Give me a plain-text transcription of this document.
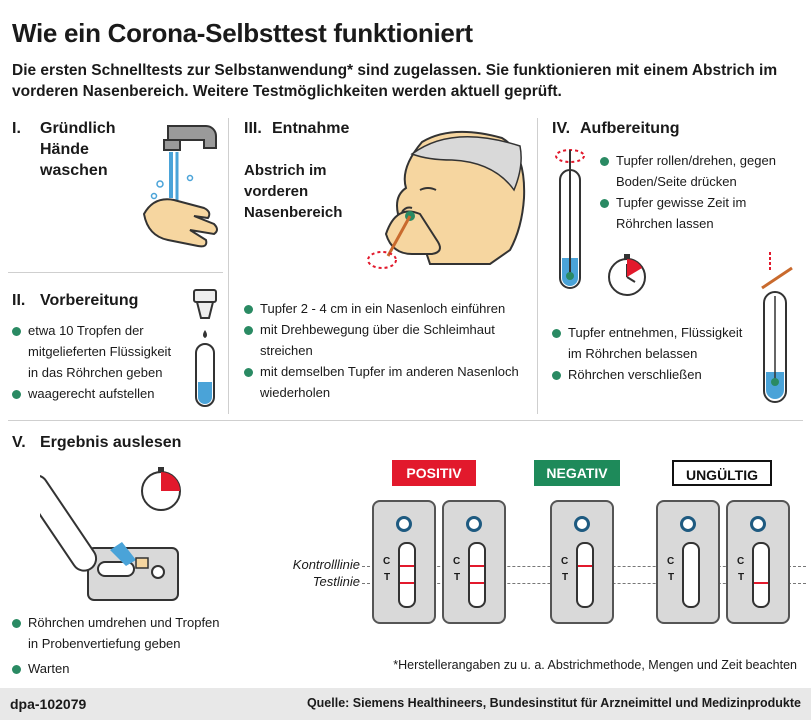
Wie ein Corona-Selbsttest funktioniert
Die ersten Schnelltests zur Selbstanwendung* sind zugelassen. Sie funktionieren mit einem Abstrich im vorderen Nasenbereich. Weitere Testmöglichkeiten werden aktuell geprüft.
I. Gründlich Hände waschen
II. Vorbereitung
etwa 10 Tropfen der mitgelieferten Flüssigkeit in das Röhrchen geben
waagerecht aufstellen
III. Entnahme
Abstrich im vorderen Nasenbereich
Tupfer 2 - 4 cm in ein Nasenloch einführen
mit Drehbewegung über die Schleimhaut streichen
mit demselben Tupfer im anderen Nasenloch wiederholen
IV. Aufbereitung
Tupfer rollen/drehen, gegen Boden/Seite drücken
Tupfer gewisse Zeit im Röhrchen lassen
Tupfer entnehmen, Flüssigkeit im Röhrchen belassen
Röhrchen verschließen
V. Ergebnis auslesen
Röhrchen umdrehen und Tropfen in Probenvertiefung geben
Warten
POSITIV	NEGATIV	UNGÜLTIG
Kontrolllinie
Testlinie
C
T
C
T
C
T
C
T
C
T
*Herstellerangaben zu u. a. Abstrichmethode, Mengen und Zeit beachten
dpa-102079	Quelle: Siemens Healthineers, Bundesinstitut für Arzneimittel und Medizinprodukte
